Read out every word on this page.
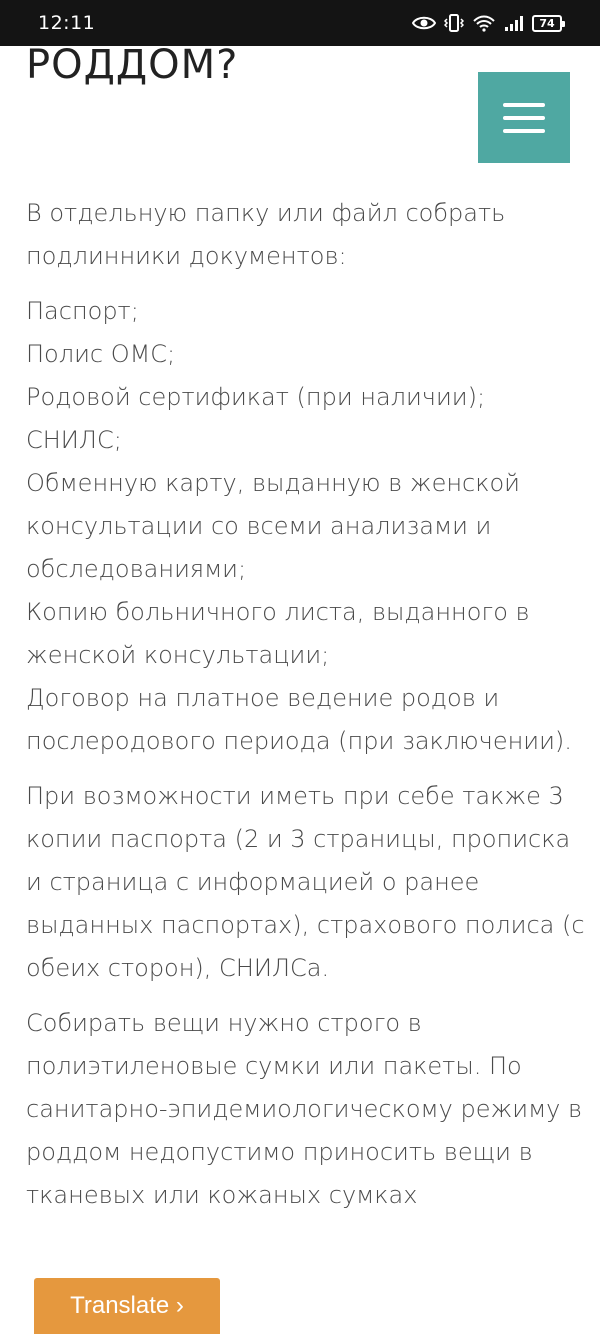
12:11	74
РОДДОМ?

В отдельную папку или файл собрать подлинники документов:

Паспорт;
Полис ОМС;
Родовой сертификат (при наличии);
СНИЛС;
Обменную карту, выданную в женской консультации со всеми анализами и обследованиями;
Копию больничного листа, выданного в женской консультации;
Договор на платное ведение родов и послеродового периода (при заключении).

При возможности иметь при себе также 3 копии паспорта (2 и 3 страницы, прописка и страница с информацией о ранее выданных паспортах), страхового полиса (с обеих сторон), СНИЛСа.

Собирать вещи нужно строго в полиэтиленовые сумки или пакеты. По санитарно-эпидемиологическому режиму в роддом недопустимо приносить вещи в тканевых или кожаных сумках

Translate ›
